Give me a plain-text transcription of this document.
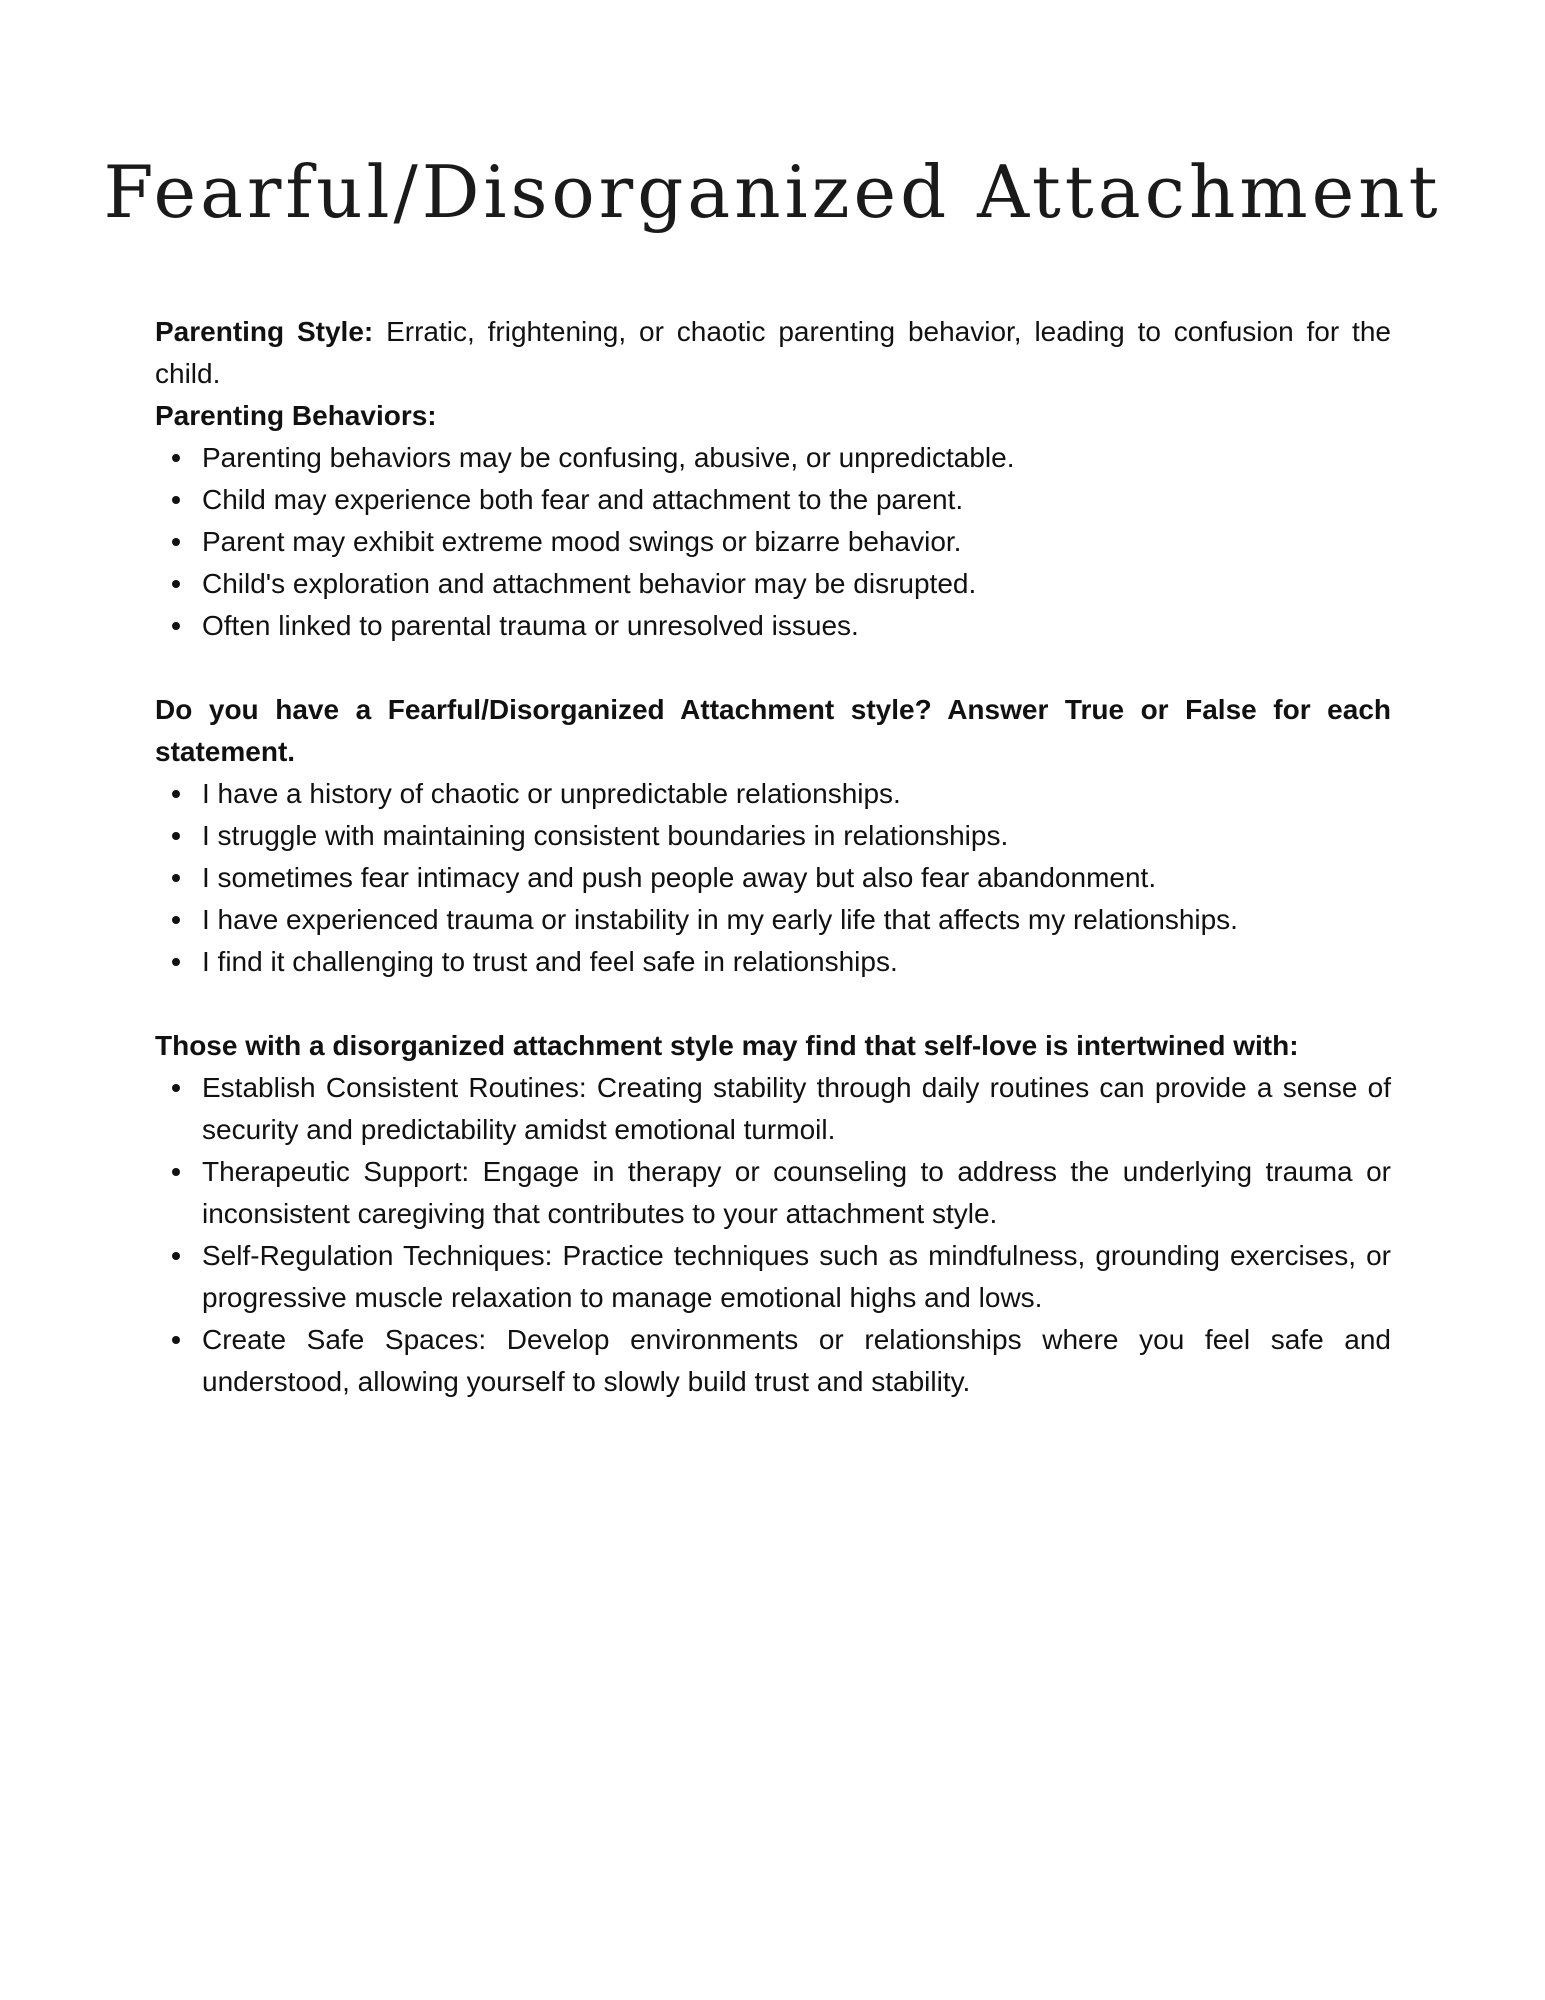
Fearful/Disorganized Attachment

Parenting Style: Erratic, frightening, or chaotic parenting behavior, leading to confusion for the child.

Parenting Behaviors:

Parenting behaviors may be confusing, abusive, or unpredictable.
Child may experience both fear and attachment to the parent.
Parent may exhibit extreme mood swings or bizarre behavior.
Child's exploration and attachment behavior may be disrupted.
Often linked to parental trauma or unresolved issues.

Do you have a Fearful/Disorganized Attachment style? Answer True or False for each statement.

I have a history of chaotic or unpredictable relationships.
I struggle with maintaining consistent boundaries in relationships.
I sometimes fear intimacy and push people away but also fear abandonment.
I have experienced trauma or instability in my early life that affects my relationships.
I find it challenging to trust and feel safe in relationships.

Those with a disorganized attachment style may find that self-love is intertwined with:

Establish Consistent Routines: Creating stability through daily routines can provide a sense of security and predictability amidst emotional turmoil.
Therapeutic Support: Engage in therapy or counseling to address the underlying trauma or inconsistent caregiving that contributes to your attachment style.
Self-Regulation Techniques: Practice techniques such as mindfulness, grounding exercises, or progressive muscle relaxation to manage emotional highs and lows.
Create Safe Spaces: Develop environments or relationships where you feel safe and understood, allowing yourself to slowly build trust and stability.
